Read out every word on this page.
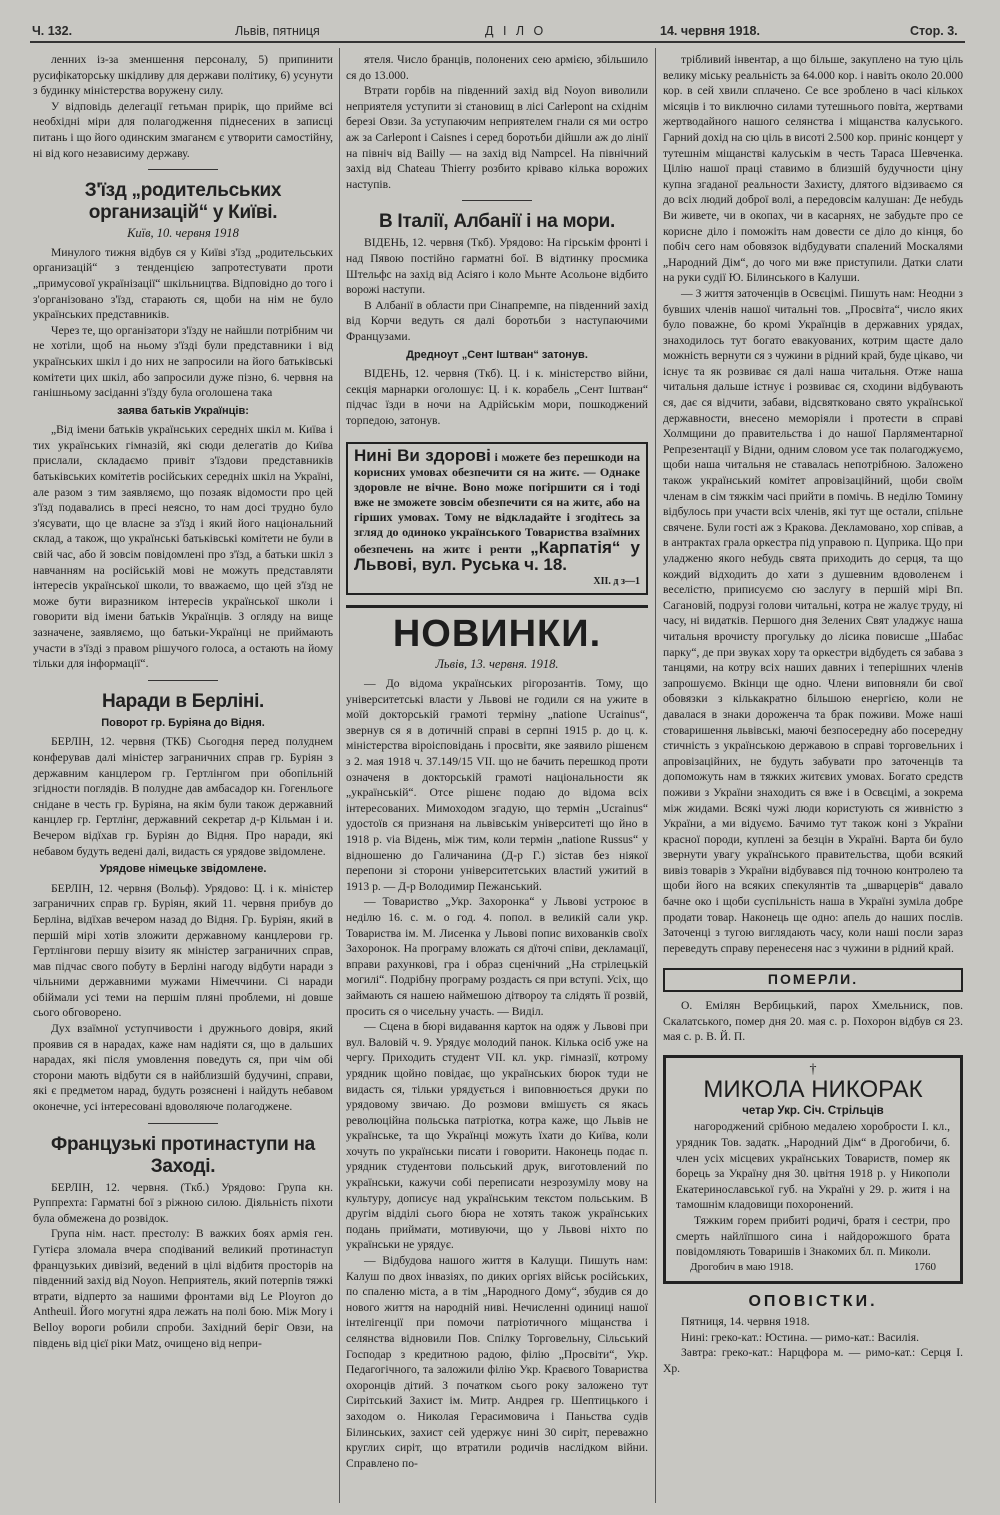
Ч. 132.	Львів, пятниця	Д І Л О	14. червня 1918.	Стор. 3.

ленних із-за зменшення персоналу, 5) припинити русифікаторську шкідливу для держави політику, 6) усунути з будинку міністерства воружену силу.

У відповідь делегації гетьман прирік, що прийме всі необхідні міри для полагодження піднесених в записці питань і що його одинским змаганєм є утворити самостійну, ні від кого независиму державу.

З'їзд „родительських организацій“ у Київі.
Київ, 10. червня 1918

Минулого тижня відбув ся у Київі з'їзд „родительських организацій“ з тенденцією запротестувати проти „примусової українізації“ шкільництва. Відповідно до того і з'організовано з'їзд, старають ся, щоби на нім не було українських представників.

Через те, що організатори з'їзду не найшли потрібним чи не хотіли, щоб на ньому з'їзді були представники і від українських шкіл і до них не запросили на його батьківські комітети цих шкіл, або запросили дуже пізно, 6. червня на ганішньому засіданні з'їзду була оголошена така

заява батьків Українців:

„Від імени батьків українських середніх шкіл м. Київа і тих українських гімназій, які сюди делегатів до Київа прислали, складаємо привіт з'їздови представників батьківських комітетів російських середніх шкіл на Україні, але разом з тим заявляємо, що позаяк відомости про цей з'їзд подавались в пресі неясно, то нам досі трудно було з'ясувати, що це власне за з'їзд і який його національний склад, а також, що українські батьківські комітети не були в свій час, або й зовсім повідомлені про з'їзд, а батьки шкіл з навчанням на російській мові не можуть представляти інтересів української школи, то вважаємо, що цей з'їзд не може бути виразником інтересів української школи і говорити від імени батьків Українців. З огляду на вище зазначене, заявляємо, що батьки-Українці не приймають участи в з'їзді з правом рішучого голоса, а остають на йому тільки для інформації“.

Наради в Берліні.
Поворот гр. Буріяна до Відня.

БЕРЛІН, 12. червня (ТКБ) Сьогодня перед полуднем конферував далі міністер заграничних справ гр. Буріян з державним канцлером гр. Гертлінгом при обопільній згідности поглядів. В полудне дав амбасадор кн. Гогенльоге снідане в честь гр. Буріяна, на якім були також державний канцлер гр. Гертлінг, державний секретар д-р Кільман і и. Вечером відїхав гр. Буріян до Відня. Про наради, які небавом будуть ведені далі, видасть ся урядове звідомлене.

Урядове німецьке звідомлене.

БЕРЛІН, 12. червня (Вольф). Урядово: Ц. і к. міністер заграничних справ гр. Буріян, який 11. червня прибув до Берліна, відїхав вечером назад до Відня. Гр. Буріян, який в першій мірі хотів зложити державному канцлерови гр. Гертлінгови першу візиту як міністер заграничних справ, мав підчас свого побуту в Берліні нагоду відбути наради з чільними державними мужами Німеччини. Сі наради обіймали усі теми на першім пляні проблеми, ні довше сього обговорено.

Дух взаїмної уступчивости і дружнього довіря, який проявив ся в нарадах, каже нам надіяти ся, що в дальших нарадах, які після умовлення поведуть ся, при чім обі сторони мають відбути ся в найблизшій будучині, справи, які є предметом нарад, будуть розяснені і найдуть небавом оконечне, усі інтересовані вдоволяюче полагоджене.

Французькі протинаступи на Заході.

БЕРЛІН, 12. червня. (Ткб.) Урядово: Група кн. Руппрехта: Гарматні бої з ріжною силою. Діяльність піхоти була обмежена до розвідок.

Група нім. наст. престолу: В важких боях армія ген. Гутієра зломала вчера сподіваний великий протинаступ французьких дивізий, ведений в цілі відбитя просторів на південний захід від Noyon. Неприятель, який потерпів тяжкі втрати, відперто за нашими фронтами від Le Ployron до Antheuil. Його могутні ядра лежать на полі бою. Між Mory і Belloy вороги робили спроби. Західний беріг Овзи, на південь від цієї ріки Matz, очищено від непри-

ятеля. Число бранців, полонених сею армією, збільшило ся до 13.000.

Втрати горбів на південний захід від Noyon виволили неприятеля уступити зі становищ в лісі Carlepont на східнім березі Овзи. За уступаючим неприятелем гнали ся ми остро аж за Carlepont і Caisnes і серед боротьби дійшли аж до лінії на північ від Bailly — на захід від Nampcel. На північний захід від Chateau Thierry розбито кріваво кілька ворожих наступів.

В Італії, Албанії і на мори.

ВІДЕНЬ, 12. червня (Ткб). Урядово: На гірськім фронті і над Пявою постійно гарматні бої. В відтинку просмика Штельфс на захід від Асіяго і коло Мьнте Асольоне відбито ворожі наступи.

В Албанії в области при Сінапремпе, на південний захід від Корчи ведуть ся далі боротьби з наступаючими Французами.

Дредноут „Сент Іштван“ затонув.

ВІДЕНЬ, 12. червня (Ткб). Ц. і к. міністерство війни, секція марнарки оголошує: Ц. і к. корабель „Сент Іштван“ підчас їзди в ночи на Адрійськім мори, пошкоджений торпедою, затонув.

Нині Ви здорові і можете без перешкоди на корисних умовах обезпечити ся на житє. — Однаке здоровле не вічне. Воно може погіршити ся і тоді вже не зможете зовсім обезпечити ся на житє, або на гірших умовах. Тому не відкладайте і згодітесь за згляд до одиноко українського Товариства взаїмних обезпечень на житє і ренти „Карпатія“ у Львові, вул. Руська ч. 18.
XII. д з—1
НОВИНКИ.
Львів, 13. червня. 1918.

— До відома українських рігорозантів. Тому, що університетські власти у Львові не годили ся на ужите в моїй докторській грамоті терміну „natione Ucrainus“, звернув ся я в дотичній справі в серпні 1915 р. до ц. к. міністерства віроісповідань і просвіти, яке заявило рішенєм з 2. мая 1918 ч. 37.149/15 VII. що не бачить перешкод проти означеня в докторській грамоті національности як „українській“. Отсе рішенє подаю до відома всіх інтересованих. Мимоходом згадую, що термін „Ucrainus“ удостоїв ся признаня на львівськім університеті що йно в 1918 р. via Відень, між тим, коли термін „natione Russus“ у відношеню до Галичанина (Д-р Г.) зістав без ніякої перепони зі сторони університетських властий ужитий в 1913 р. — Д-р Володимир Пежанський.

— Товариство „Укр. Захоронка“ у Львові устроює в неділю 16. с. м. о год. 4. попол. в великій сали укр. Товариства ім. М. Лисенка у Львові попис вихованків своїх Захоронок. На програму вложать ся дїточі співи, декламації, вправи рахункові, гра і образ сценічний „На стрілецькій могилі“. Подрібну програму роздасть ся при вступі. Усіх, що займають ся нашею наймешою дітвороу та слідять її розвій, просить ся о чисельну участь. — Виділ.

— Сцена в бюрі видавання карток на одяж у Львові при вул. Валовій ч. 9. Урядує молодий панок. Кілька осіб уже на чергу. Приходить студент VII. кл. укр. гімназії, котрому урядник щойно повідає, що українських бюрок туди не видасть ся, тільки урядується і виповнюється друки по урядовому звичаю. До розмови вмішуєть ся якась революційна польська патріотка, котра каже, що Львів не українське, та що Українці можуть їхати до Київа, коли хочуть по українськи писати і говорити. Наконець подає п. урядник студентови польський друк, виготовлений по українськи, кажучи собі переписати незрозумілу мову на культуру, дописує над українським текстом польським. В другім відділі сього бюра не хотять також українських подань приймати, мотивуючи, що у Львові ніхто по українськи не урядує.

— Відбудова нашого життя в Калущи. Пишуть нам: Калуш по двох інвазіях, по диких оргіях військ російських, по спаленю міста, а в тім „Народного Дому“, збудив ся до нового життя на народній ниві. Нечисленні одиниці нашої інтелігенції при помочи патріотичного міщанства і селянства відновили Пов. Спілку Торговельну, Сільський Господар з кредитною радою, філію „Просвіти“, Укр. Педагогічного, та заложили філію Укр. Краєвого Товариства охоронців дітий. З початком сього року заложено тут Сирітський Захист ім. Митр. Андрея гр. Шептицького і заходом о. Николая Герасимовича і Паньства судів Білинських, захист сей удержує нині 30 сиріт, переважно круглих сиріт, що втратили родичів наслідком війни. Справлено по-

трібливий інвентар, а що більше, закуплено на тую ціль велику міську реальність за 64.000 кор. і навіть около 20.000 кор. в сей хвили сплачено. Се все зроблено в часі кількох місяців і то виключно силами тутешнього повіта, жертвами жертводайного нашого селянства і міщанства калуського. Гарний дохід на сю ціль в висоті 2.500 кор. приніс концерт у тутешнім міщанстві калуськім в честь Тараса Шевченка. Цілію нашої праці ставимо в близшій будучности ціну купна згаданої реальности Захисту, длятого відзиваємо ся до всіх людий доброї волі, а передовсім калушан: Де небудь Ви живете, чи в окопах, чи в касарнях, не забудьте про се корисне діло і поможіть нам довести се діло до кінця, бо побіч сего нам обовязок відбудувати спалений Москалями „Народний Дім“, до чого ми вже приступили. Датки слати на руки судії Ю. Білинського в Калуши.

— З життя заточенців в Освєцімі. Пишуть нам: Неодни з бувших членів нашої читальні тов. „Просвіта“, число яких було поважне, бо кромі Українців в державних урядах, знаходилось тут богато евакуованих, котрим щасте дало можність вернути ся з чужини в рідний край, буде цікаво, чи існує та як розвиває ся далі наша читальня. Отже наша читальня дальше істнує і розвиває ся, сходини відбувають ся, дає ся відчити, забави, відсвятковано свято української державности, внесено меморіяли і протести в справі Холмщини до правительства і до нашої Парляментарної Репрезентації у Відни, одним словом усе так полагоджуємо, щоби наша читальня не ставалась непотрібною. Заложено також український комітет апровізаційний, щоби своїм членам в сім тяжкім часі прийти в помічь. В неділю Томину відбулось при участи всіх членів, які тут ще остали, спільне свячене. Були гості аж з Кракова. Декламовано, хор співав, а в антрактах грала оркестра під управою п. Цуприка. Що при уладженю якого небудь свята приходить до серця, та що кождий відходить до хати з душевним вдоволенєм і веселістю, приписуємо сю заслугу в першій мірі Вп. Сагановій, подрузі голови читальні, котра не жалує труду, ні часу, ні видатків. Першого дня Зелених Свят уладжує наша читальня врочисту прогульку до лісика повисше „Шабас парку“, де при звуках хору та оркестри відбудеть ся забава з танцями, на котру всіх наших давних і теперішних членів запрошуємо. Вкінци ще одно. Члени виповняли би свої обовязки з кількакратно більшою енергією, коли не давалася в знаки дороженча та брак поживи. Може наші стоваришення львівські, маючі безпосередну або посередну стичність з українською державою в справі торговельних і апровізаційних, не будуть забувати про заточенців та допоможуть нам в тяжких житєвих умовах. Богато средств поживи з України знаходить ся вже і в Освєцімі, а зокрема між жидами. Всякі чужі люди користують ся живністю з України, а ми відуємо. Бачимо тут також коні з України красної породи, куплені за безцін в Україні. Варта би було звернути увагу українського правительства, щоби всякий вивіз товарів з України відбувався під точною контролею та щоби його на всяких спекулянтів та „шварцерів“ давало бачне око і щоби суспільність наша в Україні зуміла добре продати товар. Наконець ще одно: апель до наших послів. Заточенці з тугою виглядають часу, коли наші посли зараз переведуть справу перенесеня нас з чужини в рідний край.

ПОМЕРЛИ.

О. Емілян Вербицький, парох Хмельниск, пов. Скалатського, помер дня 20. мая с. р. Похорон відбув ся 23. мая с. р. В. Й. П.

†
МИКОЛА НИКОРАК
четар Укр. Січ. Стрільців

нагороджений срібною медалею хоробрости І. кл., урядник Тов. задатк. „Народний Дім“ в Дрогобичи, б. член усіх місцевих українських Товариств, помер як борець за Україну дня 30. цвітня 1918 р. у Никополи Екатеринославської губ. на Україні у 29. р. житя і на тамошнім кладовищи похоронений.

Тяжким горем прибиті родичі, братя і сестри, про смерть найлїпшого сина і найдорожшого брата повідомляють Товаришів і Знакомих бл. п. Миколи.

Дрогобич в маю 1918.	1760
ОПОВІСТКИ.

Пятниця, 14. червня 1918.

Нині: греко-кат.: Юстина. — римо-кат.: Василія.

Завтра: греко-кат.: Нарцфора м. — римо-кат.: Серця І. Хр.
